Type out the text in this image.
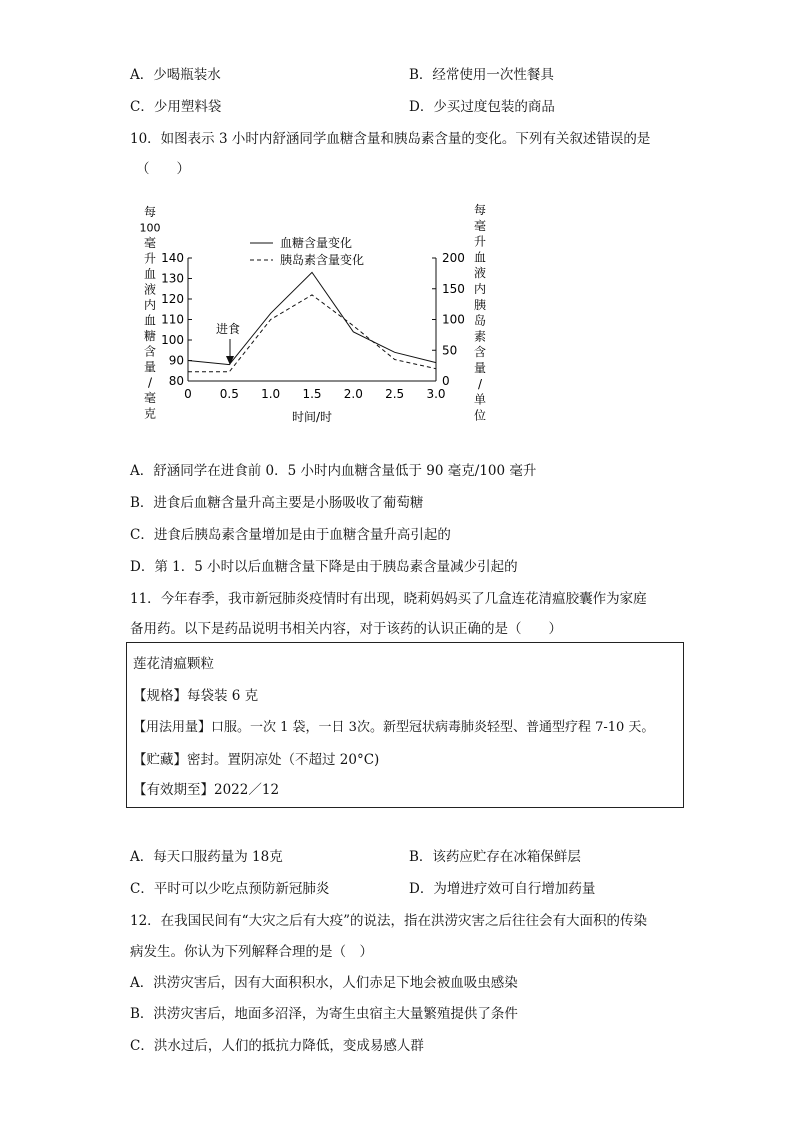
A．少喝瓶装水	B．经常使用一次性餐具
C．少用塑料袋	D．少买过度包装的商品
10．如图表示 3 小时内舒涵同学血糖含量和胰岛素含量的变化。下列有关叙述错误的是
（　　）
每 100 毫升血液内血糖含量/毫克
每毫升血液内胰岛素含量/单位
0 0.5 1.0 1.5 2.0 2.5 3.0
80
90
100
110
120
130
140
0
50
100
150
200
血糖含量变化
胰岛素含量变化
进食
时间/时
A．舒涵同学在进食前 0．5 小时内血糖含量低于 90 毫克/100 毫升
B．进食后血糖含量升高主要是小肠吸收了葡萄糖
C．进食后胰岛素含量增加是由于血糖含量升高引起的
D．第 1．5 小时以后血糖含量下降是由于胰岛素含量减少引起的
11．今年春季，我市新冠肺炎疫情时有出现，晓莉妈妈买了几盒连花清瘟胶囊作为家庭
备用药。以下是药品说明书相关内容，对于该药的认识正确的是（　　）
莲花清瘟颗粒
【规格】每袋装 6 克
【用法用量】口服。一次 1 袋，一日 3次。新型冠状病毒肺炎轻型、普通型疗程 7-10 天。
【贮藏】密封。置阴凉处（不超过 20°C)
【有效期至】2022／12
A．每天口服药量为 18克	B．该药应贮存在冰箱保鲜层
C．平时可以少吃点预防新冠肺炎	D．为增进疗效可自行增加药量
12．在我国民间有“大灾之后有大疫”的说法，指在洪涝灾害之后往往会有大面积的传染
病发生。你认为下列解释合理的是（　）
A．洪涝灾害后，因有大面积积水，人们赤足下地会被血吸虫感染
B．洪涝灾害后，地面多沼泽，为寄生虫宿主大量繁殖提供了条件
C．洪水过后，人们的抵抗力降低，变成易感人群
